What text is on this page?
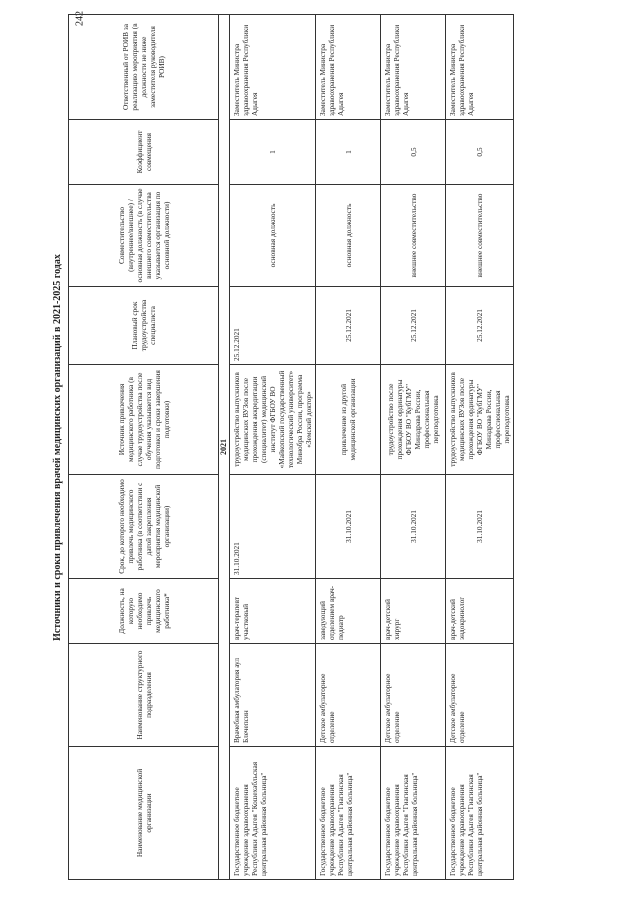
242
Источники и сроки привлечения врачей медицинских организаций в 2021-2025 годах
Наименование медицинской организации	Наименование структурного подразделения	Должность, на которую необходимо привлечь медицинского работника*	Срок, до которого необходимо привлечь медицинского работника (в соответствии с датой закрепления мероприятия медицинской организации)	Источник привлечения медицинского работника (в случае трудоустройства после обучения указывается вид подготовки и сроки завершения подготовки)	Плановый срок трудоустройства специалиста	Совместительство (внутреннее/внешнее) /основная должность (в случае внешнего совместительства указывается организация по основной должности)	Коэффициент совмещения	Ответственный от РОИВ за реализацию мероприятия (в должности не ниже заместителя руководителя РОИВ)
2021								
Государственное бюджетное учреждение здравоохранения Республики Адыгея "Кошехабльская центральная районная больница"	Врачебная амбулатория аул Блечепсин	врач-терапевт участковый	31.10.2021	трудоустройство выпускников медицинских ВУЗов после прохождения аккредитации (специалитет) медицинский институт ФГБОУ ВО «Майкопский государственный технологический университет» Минобра России, программа «Земский доктор»	25.12.2021	основная должность	1	Заместитель Министра здравоохранения Республики Адыгея
Государственное бюджетное учреждение здравоохранения Республики Адыгея "Гиагинская центральная районная больница"	Детское амбулаторное отделение	заведующий отделением врач-педиатр	31.10.2021	привлечение из другой медицинской организации	25.12.2021	основная должность	1	Заместитель Министра здравоохранения Республики Адыгея
Государственное бюджетное учреждение здравоохранения Республики Адыгея "Гиагинская центральная районная больница"	Детское амбулаторное отделение	врач-детский хирург	31.10.2021	трудоустройство после прохождения ординатуры ФГБОУ ВО "КубГМУ" Минздрава России, профессиональная переподготовка	25.12.2021	внешнее совместительство	0,5	Заместитель Министра здравоохранения Республики Адыгея
Государственное бюджетное учреждение здравоохранения Республики Адыгея "Гиагинская центральная районная больница"	Детское амбулаторное отделение	врач-детский эндокринолог	31.10.2021	трудоустройство выпускников медицинских ВУЗов после прохождения ординатуры ФГБОУ ВО "КубГМУ" Минздрава России, профессиональная переподготовка	25.12.2021	внешнее совместительство	0,5	Заместитель Министра здравоохранения Республики Адыгея
